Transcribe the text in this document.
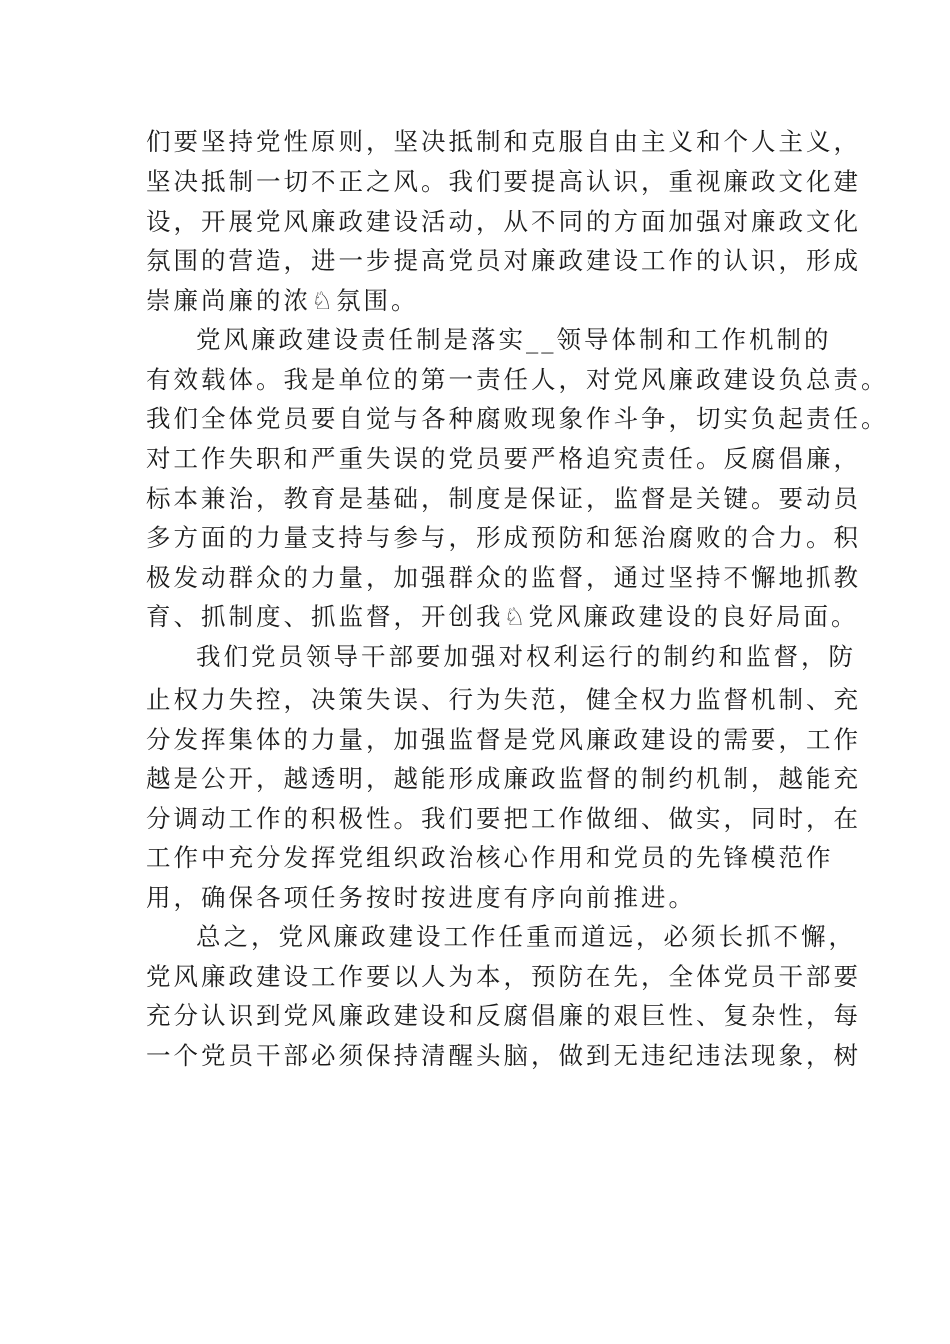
们要坚持党性原则，坚决抵制和克服自由主义和个人主义，

坚决抵制一切不正之风。我们要提高认识，重视廉政文化建

设，开展党风廉政建设活动，从不同的方面加强对廉政文化

氛围的营造，进一步提高党员对廉政建设工作的认识，形成

崇廉尚廉的浓♘氛围。

党风廉政建设责任制是落实__领导体制和工作机制的

有效载体。我是单位的第一责任人，对党风廉政建设负总责。

我们全体党员要自觉与各种腐败现象作斗争，切实负起责任。

对工作失职和严重失误的党员要严格追究责任。反腐倡廉，

标本兼治，教育是基础，制度是保证，监督是关键。要动员

多方面的力量支持与参与，形成预防和惩治腐败的合力。积

极发动群众的力量，加强群众的监督，通过坚持不懈地抓教

育、抓制度、抓监督，开创我♘党风廉政建设的良好局面。

我们党员领导干部要加强对权利运行的制约和监督，防

止权力失控，决策失误、行为失范，健全权力监督机制、充

分发挥集体的力量，加强监督是党风廉政建设的需要，工作

越是公开，越透明，越能形成廉政监督的制约机制，越能充

分调动工作的积极性。我们要把工作做细、做实，同时，在

工作中充分发挥党组织政治核心作用和党员的先锋模范作

用，确保各项任务按时按进度有序向前推进。

总之，党风廉政建设工作任重而道远，必须长抓不懈，

党风廉政建设工作要以人为本，预防在先，全体党员干部要

充分认识到党风廉政建设和反腐倡廉的艰巨性、复杂性，每

一个党员干部必须保持清醒头脑，做到无违纪违法现象，树
